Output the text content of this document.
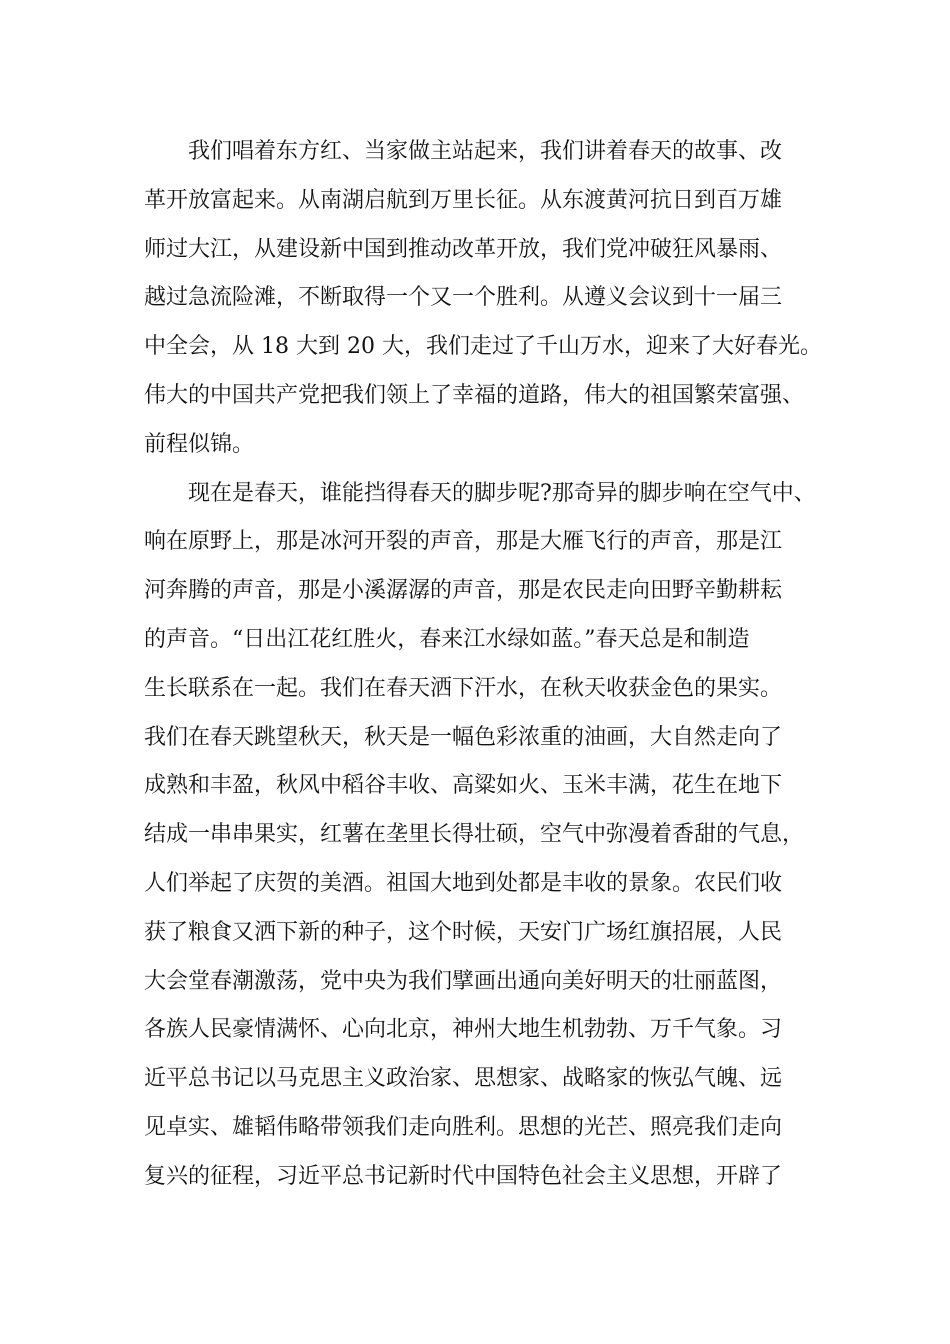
我们唱着东方红、当家做主站起来，我们讲着春天的故事、改
革开放富起来。从南湖启航到万里长征。从东渡黄河抗日到百万雄
师过大江，从建设新中国到推动改革开放，我们党冲破狂风暴雨、
越过急流险滩，不断取得一个又一个胜利。从遵义会议到十一届三
中全会，从 18 大到 20 大，我们走过了千山万水，迎来了大好春光。
伟大的中国共产党把我们领上了幸福的道路，伟大的祖国繁荣富强、
前程似锦。
现在是春天，谁能挡得春天的脚步呢?那奇异的脚步响在空气中、
响在原野上，那是冰河开裂的声音，那是大雁飞行的声音，那是江
河奔腾的声音，那是小溪潺潺的声音，那是农民走向田野辛勤耕耘
的声音。“日出江花红胜火，春来江水绿如蓝。”春天总是和制造
生长联系在一起。我们在春天洒下汗水，在秋天收获金色的果实。
我们在春天跳望秋天，秋天是一幅色彩浓重的油画，大自然走向了
成熟和丰盈，秋风中稻谷丰收、高粱如火、玉米丰满，花生在地下
结成一串串果实，红薯在垄里长得壮硕，空气中弥漫着香甜的气息，
人们举起了庆贺的美酒。祖国大地到处都是丰收的景象。农民们收
获了粮食又洒下新的种子，这个时候，天安门广场红旗招展，人民
大会堂春潮激荡，党中央为我们擘画出通向美好明天的壮丽蓝图，
各族人民豪情满怀、心向北京，神州大地生机勃勃、万千气象。习
近平总书记以马克思主义政治家、思想家、战略家的恢弘气魄、远
见卓实、雄韬伟略带领我们走向胜利。思想的光芒、照亮我们走向
复兴的征程，习近平总书记新时代中国特色社会主义思想，开辟了
